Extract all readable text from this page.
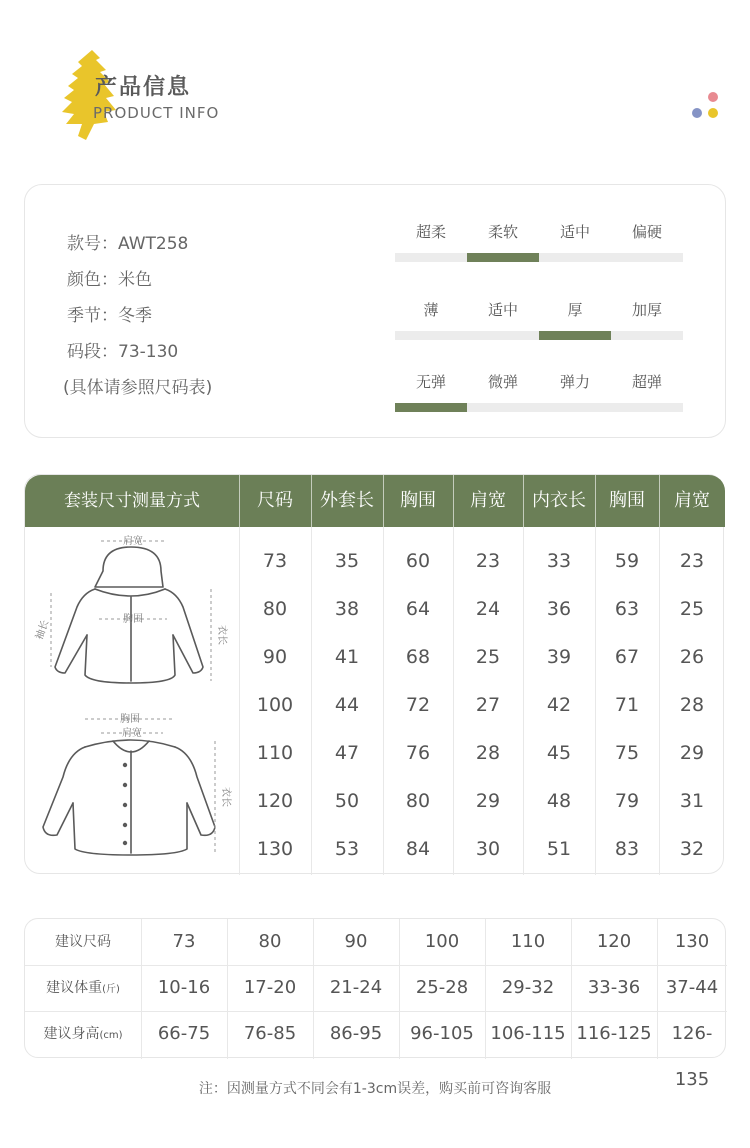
产品信息
PRODUCT INFO
款号：AWT258
颜色：米色
季节：冬季
码段：73-130
(具体请参照尺码表)
超柔	柔软	适中	偏硬
薄	适中	厚	加厚
无弹	微弹	弹力	超弹
套装尺寸测量方式	尺码	外套长	胸围	肩宽	内衣长	胸围	肩宽
肩宽
胸围
胸围
肩宽
衣长
衣长
袖长
73	35	60	23	33	59	23
80	38	64	24	36	63	25
90	41	68	25	39	67	26
100	44	72	27	42	71	28
110	47	76	28	45	75	29
120	50	80	29	48	79	31
130	53	84	30	51	83	32
建议尺码	73	80	90	100	110	120	130
建议体重(斤)	10-16	17-20	21-24	25-28	29-32	33-36	37-44
建议身高(cm)	66-75	76-85	86-95	96-105 106-115 116-125	126-135
注：因测量方式不同会有1-3cm误差，购买前可咨询客服
